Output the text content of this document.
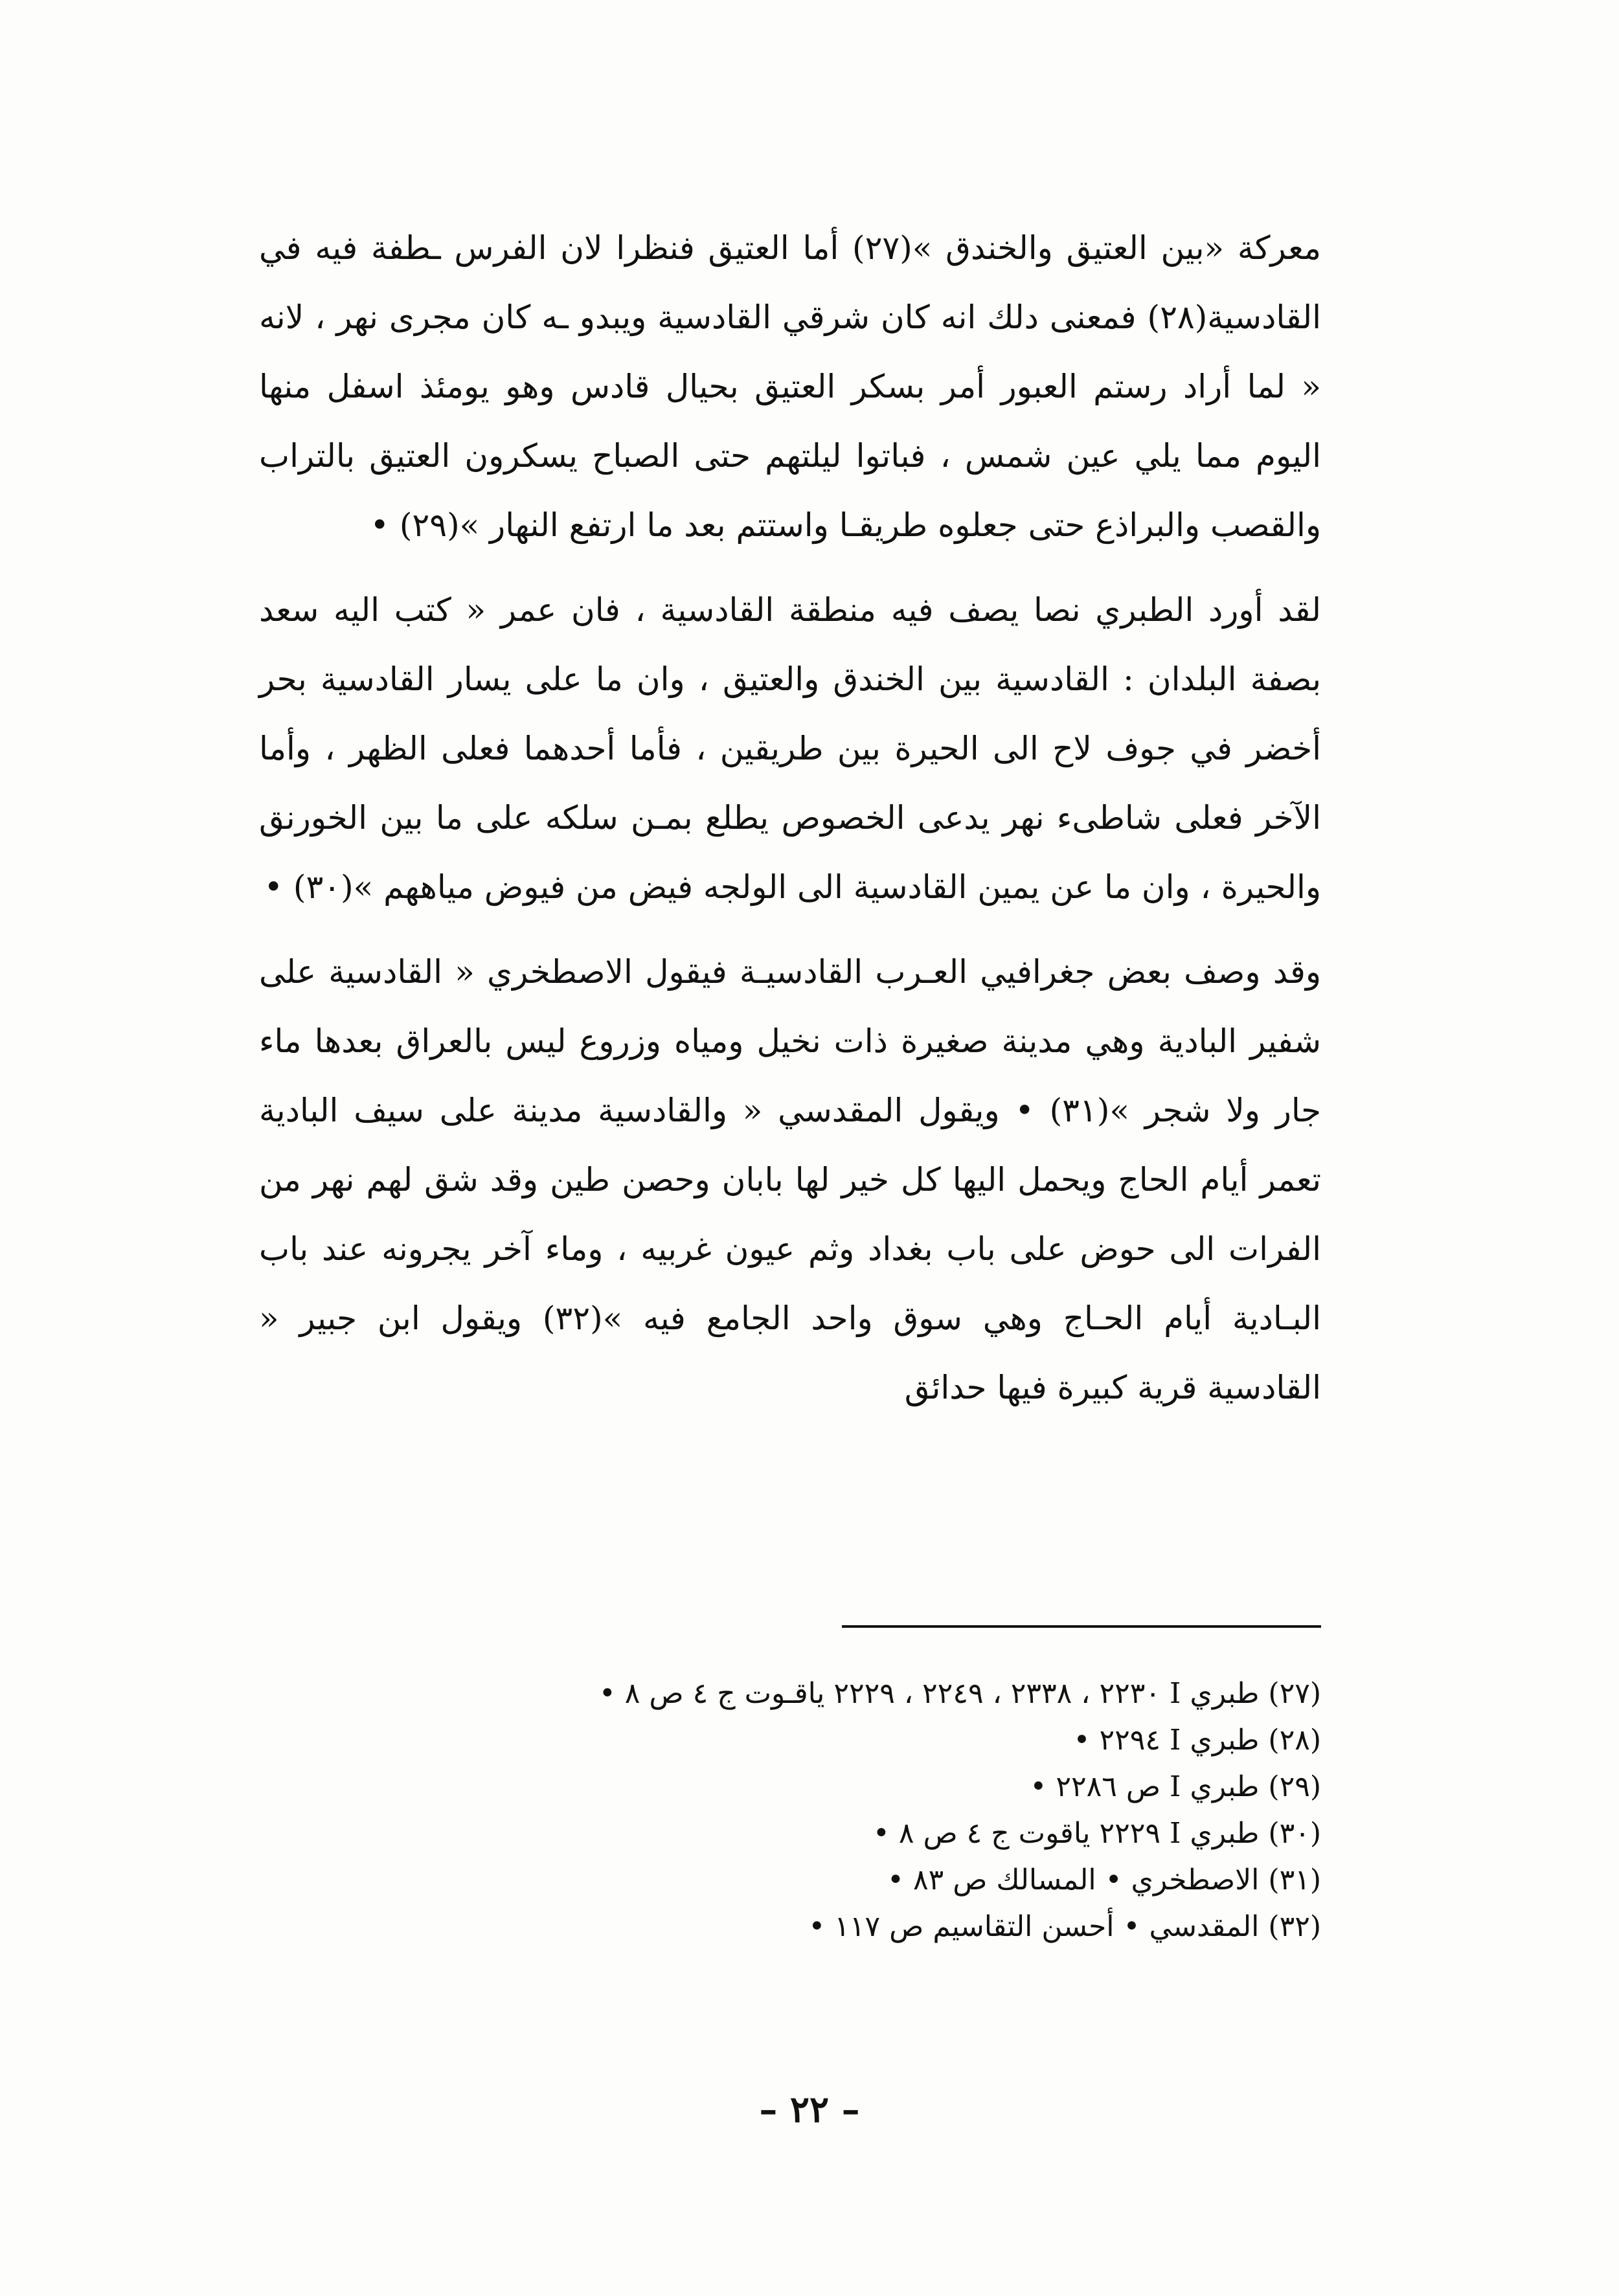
معركة «بين العتيق والخندق »(٢٧) أما العتيق فنظرا لان الفرس ـطفة فيه في القادسية(٢٨) فمعنى دلك انه كان شرقي القادسية ويبدو ـه كان مجرى نهر ، لانه « لما أراد رستم العبور أمر بسكر العتيق بحيال قادس وهو يومئذ اسفل منها اليوم مما يلي عين شمس ، فباتوا ليلتهم حتى الصباح يسكرون العتيق بالتراب والقصب والبراذع حتى جعلوه طريقـا واستتم بعد ما ارتفع النهار »(٢٩) •

لقد أورد الطبري نصا يصف فيه منطقة القادسية ، فان عمر « كتب اليه سعد بصفة البلدان : القادسية بين الخندق والعتيق ، وان ما على يسار القادسية بحر أخضر في جوف لاح الى الحيرة بين طريقين ، فأما أحدهما فعلى الظهر ، وأما الآخر فعلى شاطىء نهر يدعى الخصوص يطلع بمـن سلكه على ما بين الخورنق والحيرة ، وان ما عن يمين القادسية الى الولجه فيض من فيوض مياههم »(٣٠) •

وقد وصف بعض جغرافيي العـرب القادسيـة فيقول الاصطخري « القادسية على شفير البادية وهي مدينة صغيرة ذات نخيل ومياه وزروع ليس بالعراق بعدها ماء جار ولا شجر »(٣١) • ويقول المقدسي « والقادسية مدينة على سيف البادية تعمر أيام الحاج ويحمل اليها كل خير لها بابان وحصن طين وقد شق لهم نهر من الفرات الى حوض على باب بغداد وثم عيون غربيه ، وماء آخر يجرونه عند باب البـادية أيام الحـاج وهي سوق واحد الجامع فيه »(٣٢) ويقول ابن جبير « القادسية قرية كبيرة فيها حدائق

(٢٧) طبري I ٢٢٣٠ ، ٢٣٣٨ ، ٢٢٤٩ ، ٢٢٢٩ ياقـوت ج ٤ ص ٨ •

(٢٨) طبري I ٢٢٩٤ •

(٢٩) طبري I ص ٢٢٨٦ •

(٣٠) طبري I ٢٢٢٩ ياقوت ج ٤ ص ٨ •

(٣١) الاصطخري • المسالك ص ٨٣ •

(٣٢) المقدسي • أحسن التقاسيم ص ١١٧ •

– ٢٢ –
